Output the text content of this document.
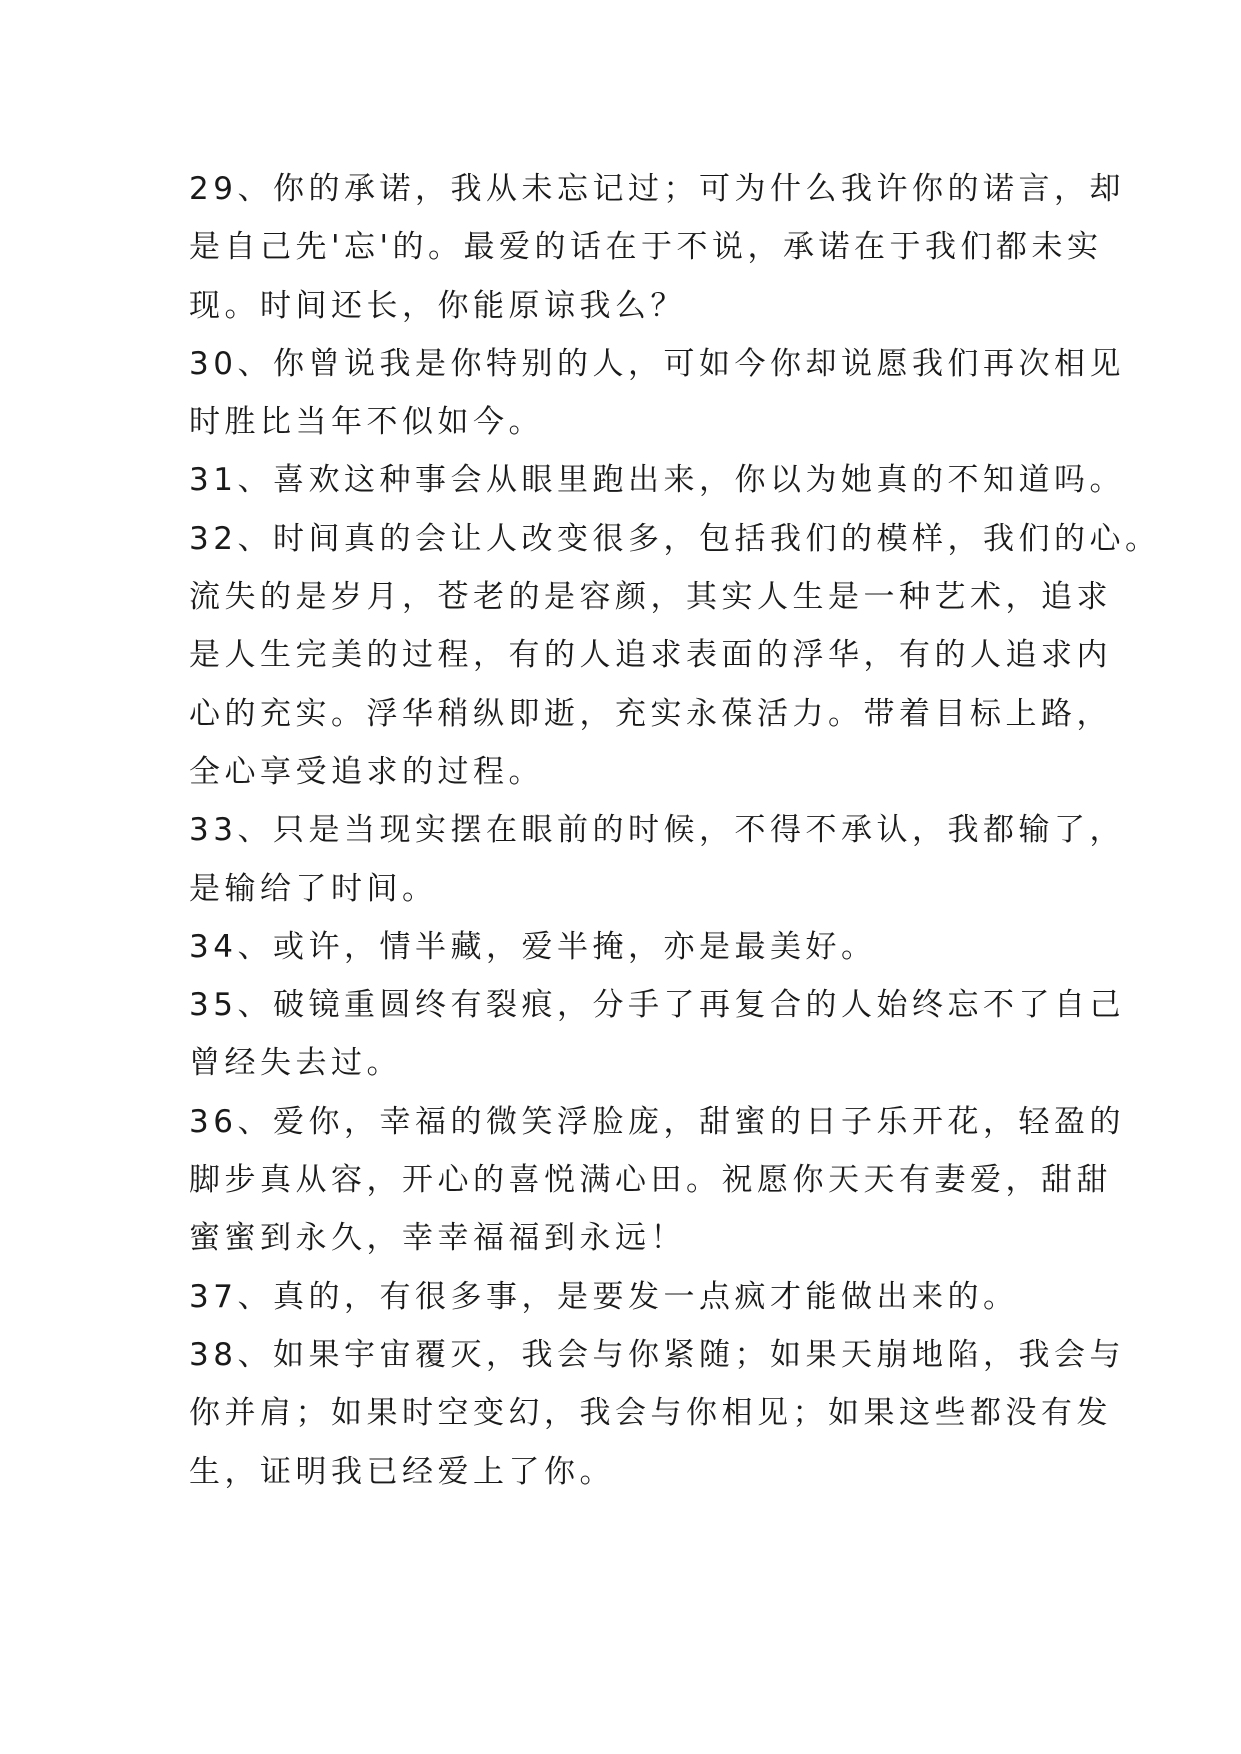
29、你的承诺，我从未忘记过；可为什么我许你的诺言，却
是自己先'忘'的。最爱的话在于不说，承诺在于我们都未实
现。时间还长，你能原谅我么？
30、你曾说我是你特别的人，可如今你却说愿我们再次相见
时胜比当年不似如今。
31、喜欢这种事会从眼里跑出来，你以为她真的不知道吗。
32、时间真的会让人改变很多，包括我们的模样，我们的心。
流失的是岁月，苍老的是容颜，其实人生是一种艺术，追求
是人生完美的过程，有的人追求表面的浮华，有的人追求内
心的充实。浮华稍纵即逝，充实永葆活力。带着目标上路，
全心享受追求的过程。
33、只是当现实摆在眼前的时候，不得不承认，我都输了，
是输给了时间。
34、或许，情半藏，爱半掩，亦是最美好。
35、破镜重圆终有裂痕，分手了再复合的人始终忘不了自己
曾经失去过。
36、爱你，幸福的微笑浮脸庞，甜蜜的日子乐开花，轻盈的
脚步真从容，开心的喜悦满心田。祝愿你天天有妻爱，甜甜
蜜蜜到永久，幸幸福福到永远！
37、真的，有很多事，是要发一点疯才能做出来的。
38、如果宇宙覆灭，我会与你紧随；如果天崩地陷，我会与
你并肩；如果时空变幻，我会与你相见；如果这些都没有发
生，证明我已经爱上了你。
